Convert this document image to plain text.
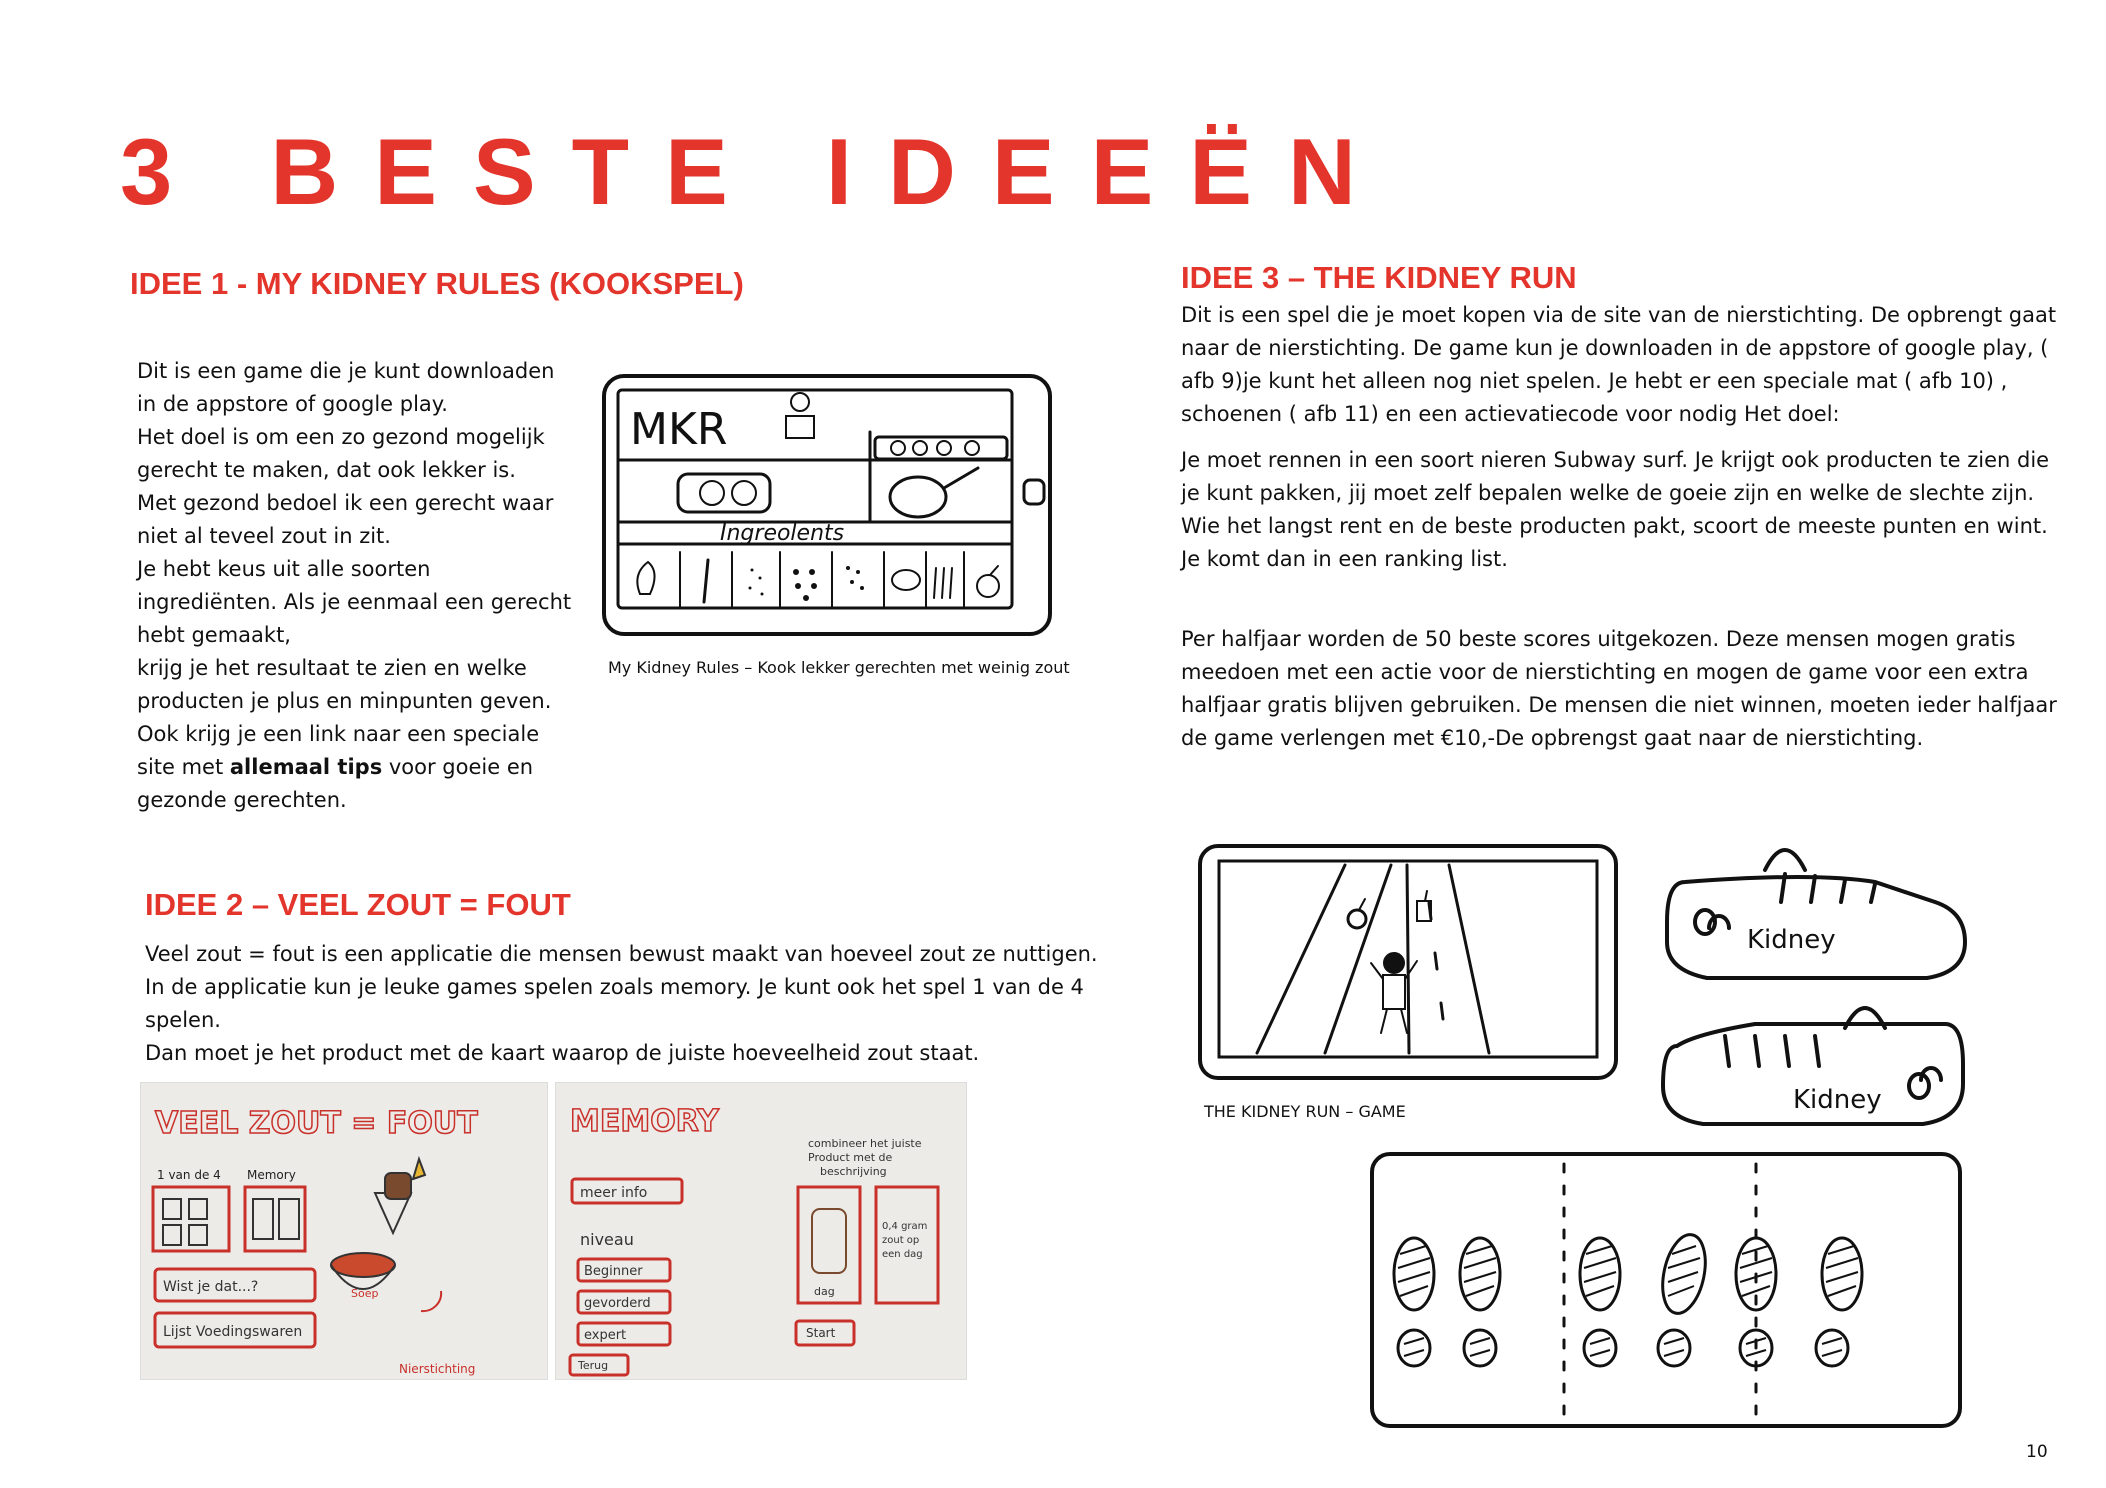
3 BESTE IDEEËN
IDEE 1 - MY KIDNEY RULES (KOOKSPEL)

Dit is een game die je kunt downloaden

in de appstore of google play.

Het doel is om een zo gezond mogelijk

gerecht te maken, dat ook lekker is.

Met gezond bedoel ik een gerecht waar

niet al teveel zout in zit.

Je hebt keus uit alle soorten

ingrediënten. Als je eenmaal een gerecht

hebt gemaakt,

krijg je het resultaat te zien en welke

producten je plus en minpunten geven.

Ook krijg je een link naar een speciale

site met allemaal tips voor goeie en

gezonde gerechten.

MKR
Ingreolents
My Kidney Rules – Kook lekker gerechten met weinig zout
IDEE 2 – VEEL ZOUT = FOUT

Veel zout = fout is een applicatie die mensen bewust maakt van hoeveel zout ze nuttigen.

In de applicatie kun je leuke games spelen zoals memory. Je kunt ook het spel 1 van de 4

spelen.

Dan moet je het product met de kaart waarop de juiste hoeveelheid zout staat.

VEEL ZOUT = FOUT
1 van de 4 Memory
Soep
Wist je dat...?
Lijst Voedingswaren
Nierstichting
MEMORY
meer info
niveau
Beginner
gevorderd
expert	Start
Terug
combineer het juiste
Product met de
beschrijving
dag
0,4 gram
zout op
een dag
IDEE 3 – THE KIDNEY RUN

Dit is een spel die je moet kopen via de site van de nierstichting. De opbrengt gaat

naar de nierstichting. De game kun je downloaden in de appstore of google play, (

afb 9)je kunt het alleen nog niet spelen. Je hebt er een speciale mat ( afb 10) ,

schoenen ( afb 11) en een actievatiecode voor nodig Het doel:

Je moet rennen in een soort nieren Subway surf. Je krijgt ook producten te zien die

je kunt pakken, jij moet zelf bepalen welke de goeie zijn en welke de slechte zijn.

Wie het langst rent en de beste producten pakt, scoort de meeste punten en wint.

Je komt dan in een ranking list.

Per halfjaar worden de 50 beste scores uitgekozen. Deze mensen mogen gratis

meedoen met een actie voor de nierstichting en mogen de game voor een extra

halfjaar gratis blijven gebruiken. De mensen die niet winnen, moeten ieder halfjaar

de game verlengen met €10,-De opbrengst gaat naar de nierstichting.

THE KIDNEY RUN – GAME
Kidney
Kidney
10
